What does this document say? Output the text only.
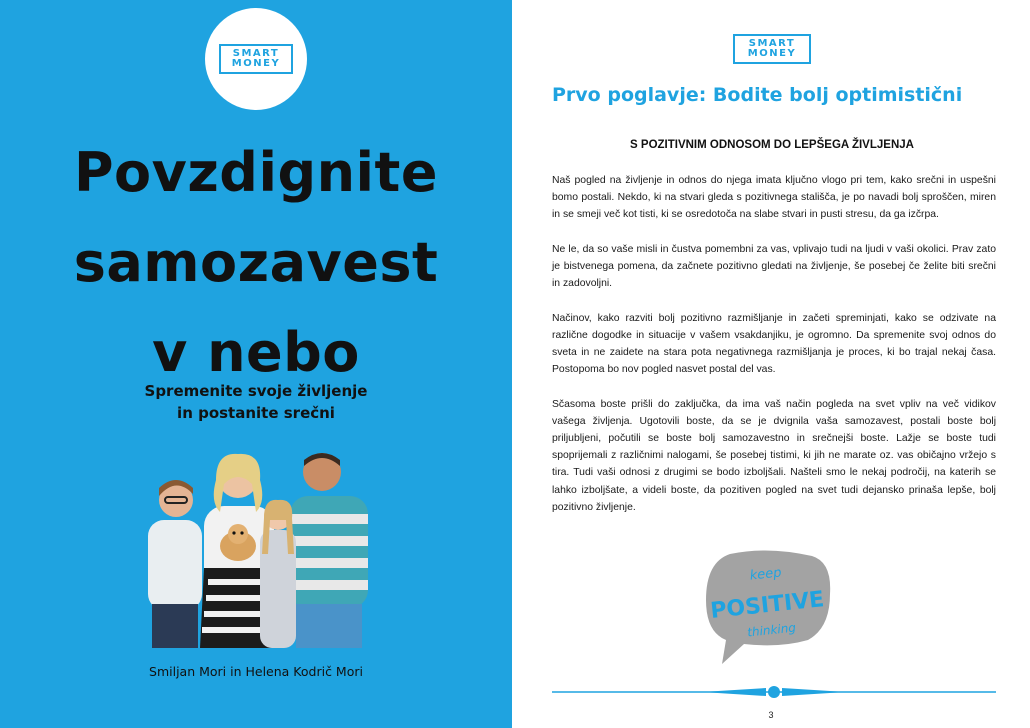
SMART
MONEY
Povzdignite
samozavest
v nebo
Spremenite svoje življenje
in postanite srečni
Smiljan Mori in Helena Kodrič Mori
SMART
MONEY
Prvo poglavje: Bodite bolj optimistični
S POZITIVNIM ODNOSOM DO LEPŠEGA ŽIVLJENJA

Naš pogled na življenje in odnos do njega imata ključno vlogo pri tem, kako srečni in uspešni bomo postali. Nekdo, ki na stvari gleda s pozitivnega stališča, je po navadi bolj sproščen, miren in se smeji več kot tisti, ki se osredotoča na slabe stvari in pusti stresu, da ga izčrpa.

Ne le, da so vaše misli in čustva pomembni za vas, vplivajo tudi na ljudi v vaši okolici. Prav zato je bistvenega pomena, da začnete pozitivno gledati na življenje, še posebej če želite biti srečni in zadovoljni.

Načinov, kako razviti bolj pozitivno razmišljanje in začeti spreminjati, kako se odzivate na različne dogodke in situacije v vašem vsakdanjiku, je ogromno. Da spremenite svoj odnos do sveta in ne zaidete na stara pota negativnega razmišljanja je proces, ki bo trajal nekaj časa. Postopoma bo nov pogled nasvet postal del vas.

Sčasoma boste prišli do zaključka, da ima vaš način pogleda na svet vpliv na več vidikov vašega življenja. Ugotovili boste, da se je dvignila vaša samozavest, postali boste bolj priljubljeni, počutili se boste bolj samozavestno in srečnejši boste. Lažje se boste tudi spoprijemali z različnimi nalogami, še posebej tistimi, ki jih ne marate oz. vas običajno vržejo s tira. Tudi vaši odnosi z drugimi se bodo izboljšali. Našteli smo le nekaj področij, na katerih se lahko izboljšate, a videli boste, da pozitiven pogled na svet tudi dejansko prinaša lepše, bolj pozitivno življenje.

keep
POSITIVE
thinking
3
